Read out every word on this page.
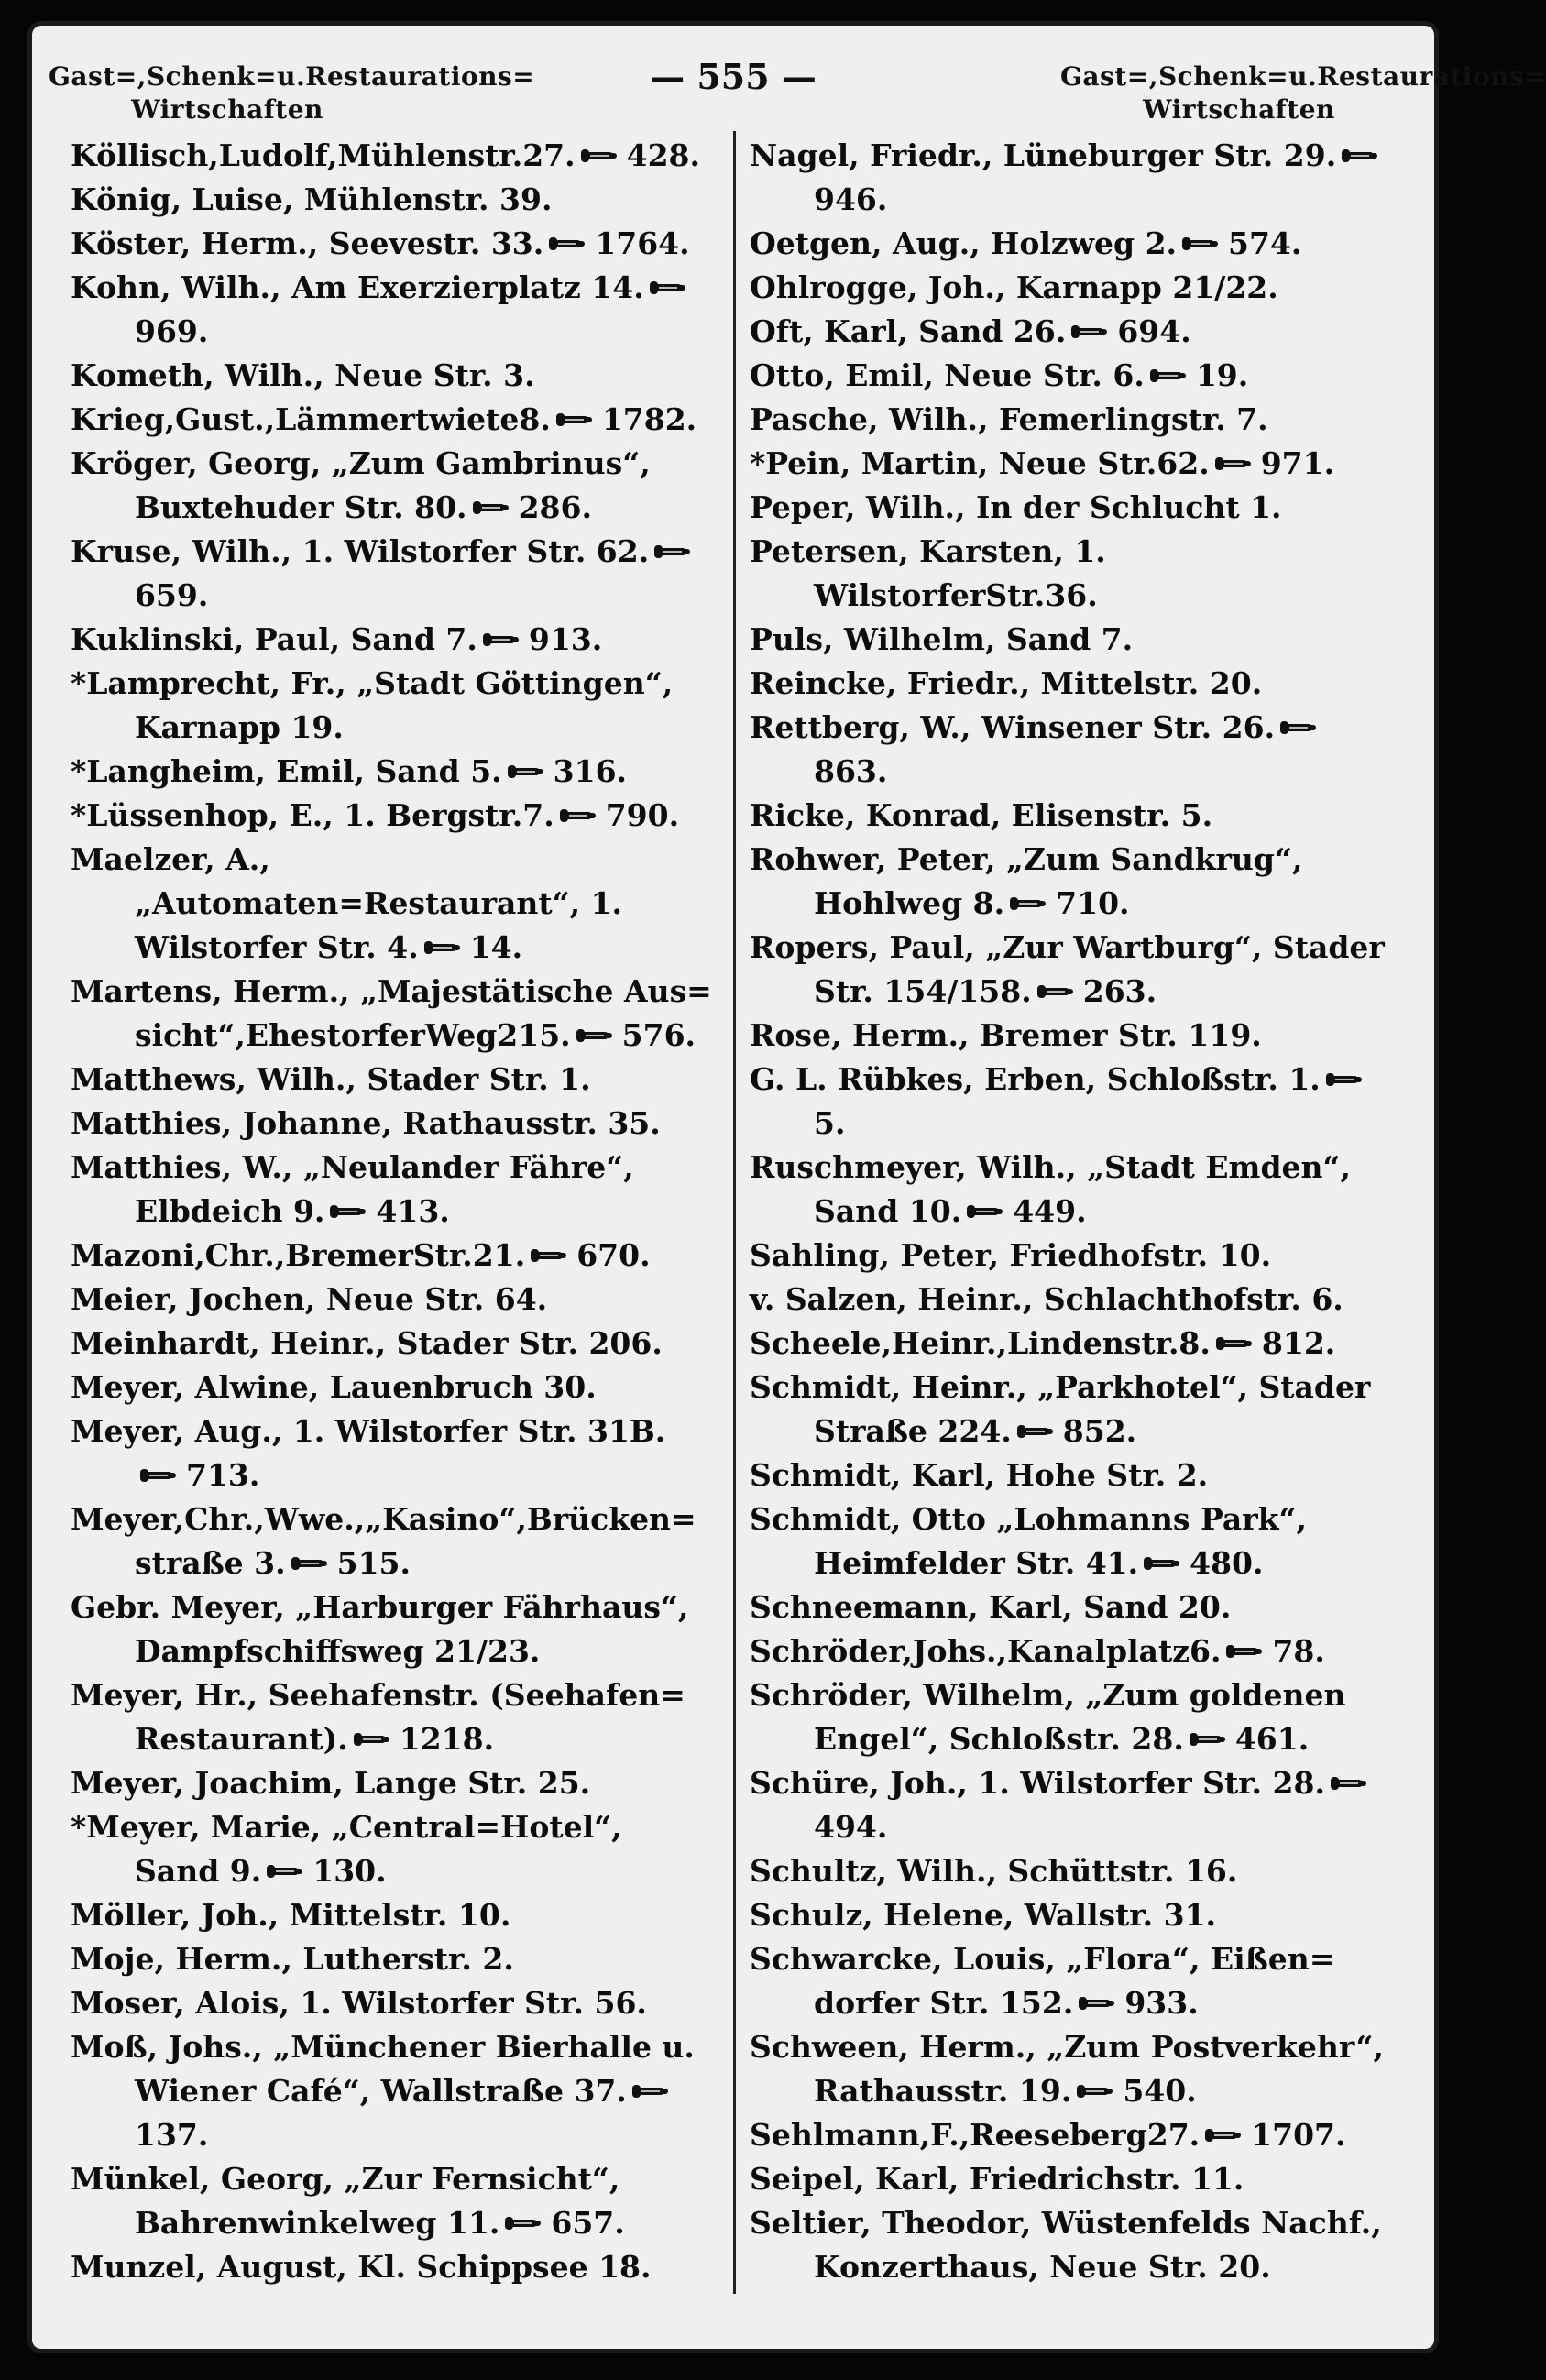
Gast=,Schenk=u.Restaurations=
Wirtschaften
— 555 —	Gast=,Schenk=u.Restaurations=
Wirtschaften

Köllisch,Ludolf,Mühlenstr.27. 428.

König, Luise, Mühlenstr. 39.

Köster, Herm., Seevestr. 33. 1764.

Kohn, Wilh., Am Exerzierplatz 14.
969.

Kometh, Wilh., Neue Str. 3.

Krieg,Gust.,Lämmertwiete8. 1782.

Kröger, Georg, „Zum Gambrinus“, Buxtehuder Str. 80. 286.

Kruse, Wilh., 1. Wilstorfer Str. 62.
659.

Kuklinski, Paul, Sand 7. 913.

*Lamprecht, Fr., „Stadt Göttingen“, Karnapp 19.

*Langheim, Emil, Sand 5. 316.

*Lüssenhop, E., 1. Bergstr.7. 790.

Maelzer, A., „Automaten=Restaurant“, 1. Wilstorfer Str. 4. 14.

Martens, Herm., „Majestätische Aus= sicht“,EhestorferWeg215. 576.

Matthews, Wilh., Stader Str. 1.

Matthies, Johanne, Rathausstr. 35.

Matthies, W., „Neulander Fähre“, Elbdeich 9. 413.

Mazoni,Chr.,BremerStr.21. 670.

Meier, Jochen, Neue Str. 64.

Meinhardt, Heinr., Stader Str. 206.

Meyer, Alwine, Lauenbruch 30.

Meyer, Aug., 1. Wilstorfer Str. 31B.
713.

Meyer,Chr.,Wwe.,„Kasino“,Brücken= straße 3. 515.

Gebr. Meyer, „Harburger Fährhaus“, Dampfschiffsweg 21/23.

Meyer, Hr., Seehafenstr. (Seehafen= Restaurant). 1218.

Meyer, Joachim, Lange Str. 25.

*Meyer, Marie, „Central=Hotel“, Sand 9. 130.

Möller, Joh., Mittelstr. 10.

Moje, Herm., Lutherstr. 2.

Moser, Alois, 1. Wilstorfer Str. 56.

Moß, Johs., „Münchener Bierhalle u. Wiener Café“, Wallstraße 37.
137.

Münkel, Georg, „Zur Fernsicht“, Bahrenwinkelweg 11. 657.

Munzel, August, Kl. Schippsee 18.

Nagel, Friedr., Lüneburger Str. 29.
946.

Oetgen, Aug., Holzweg 2. 574.

Ohlrogge, Joh., Karnapp 21/22.

Oft, Karl, Sand 26. 694.

Otto, Emil, Neue Str. 6. 19.

Pasche, Wilh., Femerlingstr. 7.

*Pein, Martin, Neue Str.62. 971.

Peper, Wilh., In der Schlucht 1.

Petersen, Karsten, 1. WilstorferStr.36.

Puls, Wilhelm, Sand 7.

Reincke, Friedr., Mittelstr. 20.

Rettberg, W., Winsener Str. 26.
863.

Ricke, Konrad, Elisenstr. 5.

Rohwer, Peter, „Zum Sandkrug“, Hohlweg 8. 710.

Ropers, Paul, „Zur Wartburg“, Stader Str. 154/158. 263.

Rose, Herm., Bremer Str. 119.

G. L. Rübkes, Erben, Schloßstr. 1.
5.

Ruschmeyer, Wilh., „Stadt Emden“, Sand 10. 449.

Sahling, Peter, Friedhofstr. 10.

v. Salzen, Heinr., Schlachthofstr. 6.

Scheele,Heinr.,Lindenstr.8. 812.

Schmidt, Heinr., „Parkhotel“, Stader Straße 224. 852.

Schmidt, Karl, Hohe Str. 2.

Schmidt, Otto „Lohmanns Park“, Heimfelder Str. 41. 480.

Schneemann, Karl, Sand 20.

Schröder,Johs.,Kanalplatz6. 78.

Schröder, Wilhelm, „Zum goldenen Engel“, Schloßstr. 28. 461.

Schüre, Joh., 1. Wilstorfer Str. 28.
494.

Schultz, Wilh., Schüttstr. 16.

Schulz, Helene, Wallstr. 31.

Schwarcke, Louis, „Flora“, Eißen= dorfer Str. 152. 933.

Schween, Herm., „Zum Postverkehr“, Rathausstr. 19. 540.

Sehlmann,F.,Reeseberg27. 1707.

Seipel, Karl, Friedrichstr. 11.

Seltier, Theodor, Wüstenfelds Nachf., Konzerthaus, Neue Str. 20.
